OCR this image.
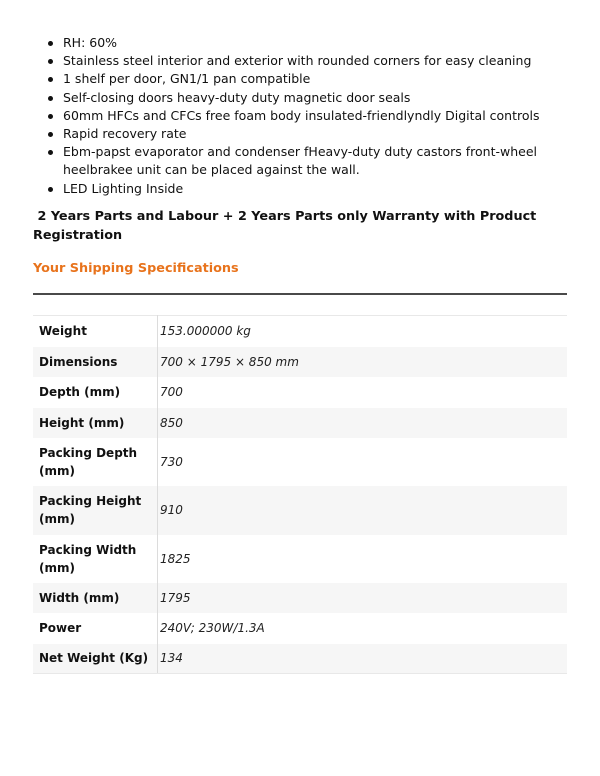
RH: 60%
Stainless steel interior and exterior with rounded corners for easy cleaning
1 shelf per door, GN1/1 pan compatible
Self-closing doors heavy-duty duty magnetic door seals
60mm HFCs and CFCs free foam body insulated-friendlyndly Digital controls
Rapid recovery rate
Ebm-papst evaporator and condenser fHeavy-duty duty castors front-wheel heelbrakee unit can be placed against the wall.
LED Lighting Inside
2 Years Parts and Labour + 2 Years Parts only Warranty with Product Registration
Your Shipping Specifications
Weight	153.000000 kg
Dimensions	700 × 1795 × 850 mm
Depth (mm)	700
Height (mm)	850
Packing Depth (mm)	730
Packing Height (mm)	910
Packing Width (mm)	1825
Width (mm)	1795
Power	240V; 230W/1.3A
Net Weight (Kg)	134
